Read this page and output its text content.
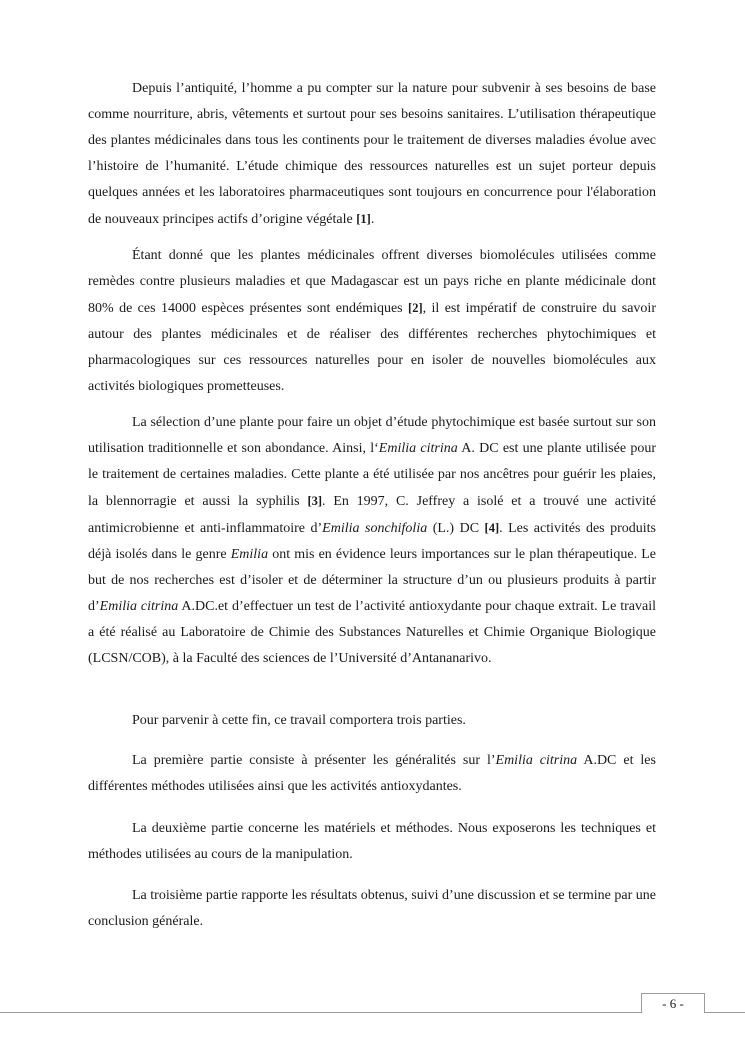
Depuis l’antiquité, l’homme a pu compter sur la nature pour subvenir à ses besoins de base comme nourriture, abris, vêtements et surtout pour ses besoins sanitaires. L’utilisation thérapeutique des plantes médicinales dans tous les continents pour le traitement de diverses maladies évolue avec l’histoire de l’humanité. L’étude chimique des ressources naturelles est un sujet porteur depuis quelques années et les laboratoires pharmaceutiques sont toujours en concurrence pour l'élaboration de nouveaux principes actifs d’origine végétale [1].

Étant donné que les plantes médicinales offrent diverses biomolécules utilisées comme remèdes contre plusieurs maladies et que Madagascar est un pays riche en plante médicinale dont 80% de ces 14000 espèces présentes sont endémiques [2], il est impératif de construire du savoir autour des plantes médicinales et de réaliser des différentes recherches phytochimiques et pharmacologiques sur ces ressources naturelles pour en isoler de nouvelles biomolécules aux activités biologiques prometteuses.

La sélection d’une plante pour faire un objet d’étude phytochimique est basée surtout sur son utilisation traditionnelle et son abondance. Ainsi, l‘Emilia citrina A. DC est une plante utilisée pour le traitement de certaines maladies. Cette plante a été utilisée par nos ancêtres pour guérir les plaies, la blennorragie et aussi la syphilis [3]. En 1997, C. Jeffrey a isolé et a trouvé une activité antimicrobienne et anti-inflammatoire d’Emilia sonchifolia (L.) DC [4]. Les activités des produits déjà isolés dans le genre Emilia ont mis en évidence leurs importances sur le plan thérapeutique. Le but de nos recherches est d’isoler et de déterminer la structure d’un ou plusieurs produits à partir d’Emilia citrina A.DC.et d’effectuer un test de l’activité antioxydante pour chaque extrait. Le travail a été réalisé au Laboratoire de Chimie des Substances Naturelles et Chimie Organique Biologique (LCSN/COB), à la Faculté des sciences de l’Université d’Antananarivo.

Pour parvenir à cette fin, ce travail comportera trois parties.

La première partie consiste à présenter les généralités sur l’Emilia citrina A.DC et les différentes méthodes utilisées ainsi que les activités antioxydantes.

La deuxième partie concerne les matériels et méthodes. Nous exposerons les techniques et méthodes utilisées au cours de la manipulation.

La troisième partie rapporte les résultats obtenus, suivi d’une discussion et se termine par une conclusion générale.

- 6 -
